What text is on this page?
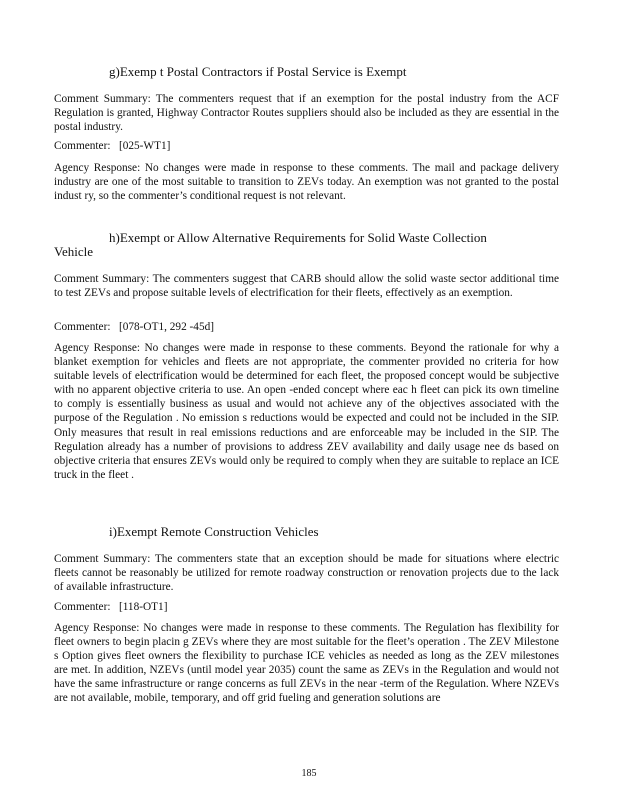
g)Exemp t Postal Contractors if Postal Service is Exempt

Comment Summary: The commenters request that if an exemption for the postal industry from the ACF Regulation is granted, Highway Contractor Routes suppliers should also be included as they are essential in the postal industry.

Commenter:   [025-WT1]

Agency Response: No changes were made in response to these comments. The mail and package delivery industry are one of the most suitable to transition to ZEVs today. An exemption was not granted to the postal indust ry, so the commenter’s conditional request is not relevant.

h)Exempt or Allow Alternative Requirements for Solid Waste Collection
Vehicle

Comment Summary: The commenters suggest that CARB should allow the solid waste sector additional time to test ZEVs and propose suitable levels of electrification for their fleets, effectively as an exemption.

Commenter:   [078-OT1, 292 -45d]

Agency Response: No changes were made in response to these comments. Beyond the rationale for why a blanket exemption for vehicles and fleets are not appropriate, the commenter provided no criteria for how suitable levels of electrification would be determined for each fleet, the proposed concept would be subjective with no apparent objective criteria to use. An open -ended concept where eac h fleet can pick its own timeline to comply is essentially business as usual and would not achieve any of the objectives associated with the purpose of the Regulation . No emission s reductions would be expected and could not be included in the SIP. Only measures that result in real emissions reductions and are enforceable may be included in the SIP. The Regulation already has a number of provisions to address ZEV availability and daily usage nee ds based on objective criteria that ensures ZEVs would only be required to comply when they are suitable to replace an ICE truck in the fleet .

i)Exempt Remote Construction Vehicles

Comment Summary: The commenters state that an exception should be made for situations where electric fleets cannot be reasonably be utilized for remote roadway construction or renovation projects due to the lack of available infrastructure.

Commenter:   [118-OT1]

Agency Response: No changes were made in response to these comments. The Regulation has flexibility for fleet owners to begin placin g ZEVs where they are most suitable for the fleet’s operation . The ZEV Milestone s Option gives fleet owners the flexibility to purchase ICE vehicles as needed as long as the ZEV milestones are met. In addition, NZEVs (until model year 2035) count the same as ZEVs in the Regulation and would not have the same infrastructure or range concerns as full ZEVs in the near -term of the Regulation. Where NZEVs are not available, mobile, temporary, and off grid fueling and generation solutions are

185
